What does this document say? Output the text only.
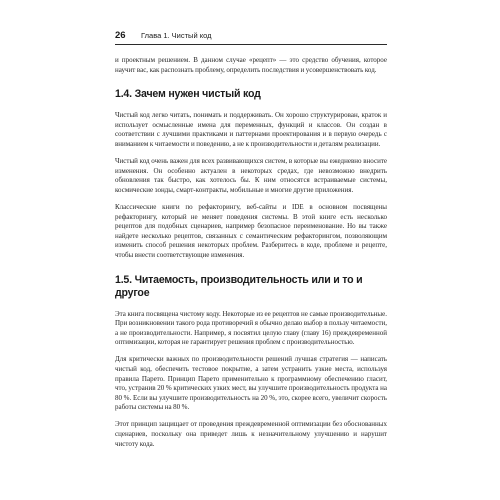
26 Глава 1. Чистый код

и проектным решением. В данном случае «рецепт» — это средство обучения, которое научит вас, как распознать проблему, определить последствия и усовершенствовать код.

1.4. Зачем нужен чистый код

Чистый код легко читать, понимать и поддерживать. Он хорошо структурирован, краток и использует осмысленные имена для переменных, функций и классов. Он создан в соответствии с лучшими практиками и паттернами проектирования и в первую очередь с вниманием к читаемости и поведению, а не к производительности и деталям реализации.

Чистый код очень важен для всех развивающихся систем, в которые вы ежедневно вносите изменения. Он особенно актуален в некоторых средах, где невозможно внедрить обновления так быстро, как хотелось бы. К ним относятся встраиваемые системы, космические зонды, смарт-контракты, мобильные и многие другие приложения.

Классические книги по рефакторингу, веб-сайты и IDE в основном посвящены рефакторингу, который не меняет поведения системы. В этой книге есть несколько рецептов для подобных сценариев, например безопасное переименование. Но вы также найдете несколько рецептов, связанных с семантическим рефакторингом, позволяющим изменить способ решения некоторых проблем. Разберитесь в коде, проблеме и рецепте, чтобы внести соответствующие изменения.

1.5. Читаемость, производительность или и то и другое

Эта книга посвящена чистому коду. Некоторые из ее рецептов не самые производительные. При возникновении такого рода противоречий я обычно делаю выбор в пользу читаемости, а не производительности. Например, я посвятил целую главу (главу 16) преждевременной оптимизации, которая не гарантирует решения проблем с производительностью.

Для критически важных по производительности решений лучшая стратегия — написать чистый код, обеспечить тестовое покрытие, а затем устранить узкие места, используя правила Парето. Принцип Парето применительно к программному обеспечению гласит, что, устранив 20 % критических узких мест, вы улучшите производительность продукта на 80 %. Если вы улучшите производительность на 20 %, это, скорее всего, увеличит скорость работы системы на 80 %.

Этот принцип защищает от проведения преждевременной оптимизации без обоснованных сценариев, поскольку она приведет лишь к незначительному улучшению и нарушит чистоту кода.
